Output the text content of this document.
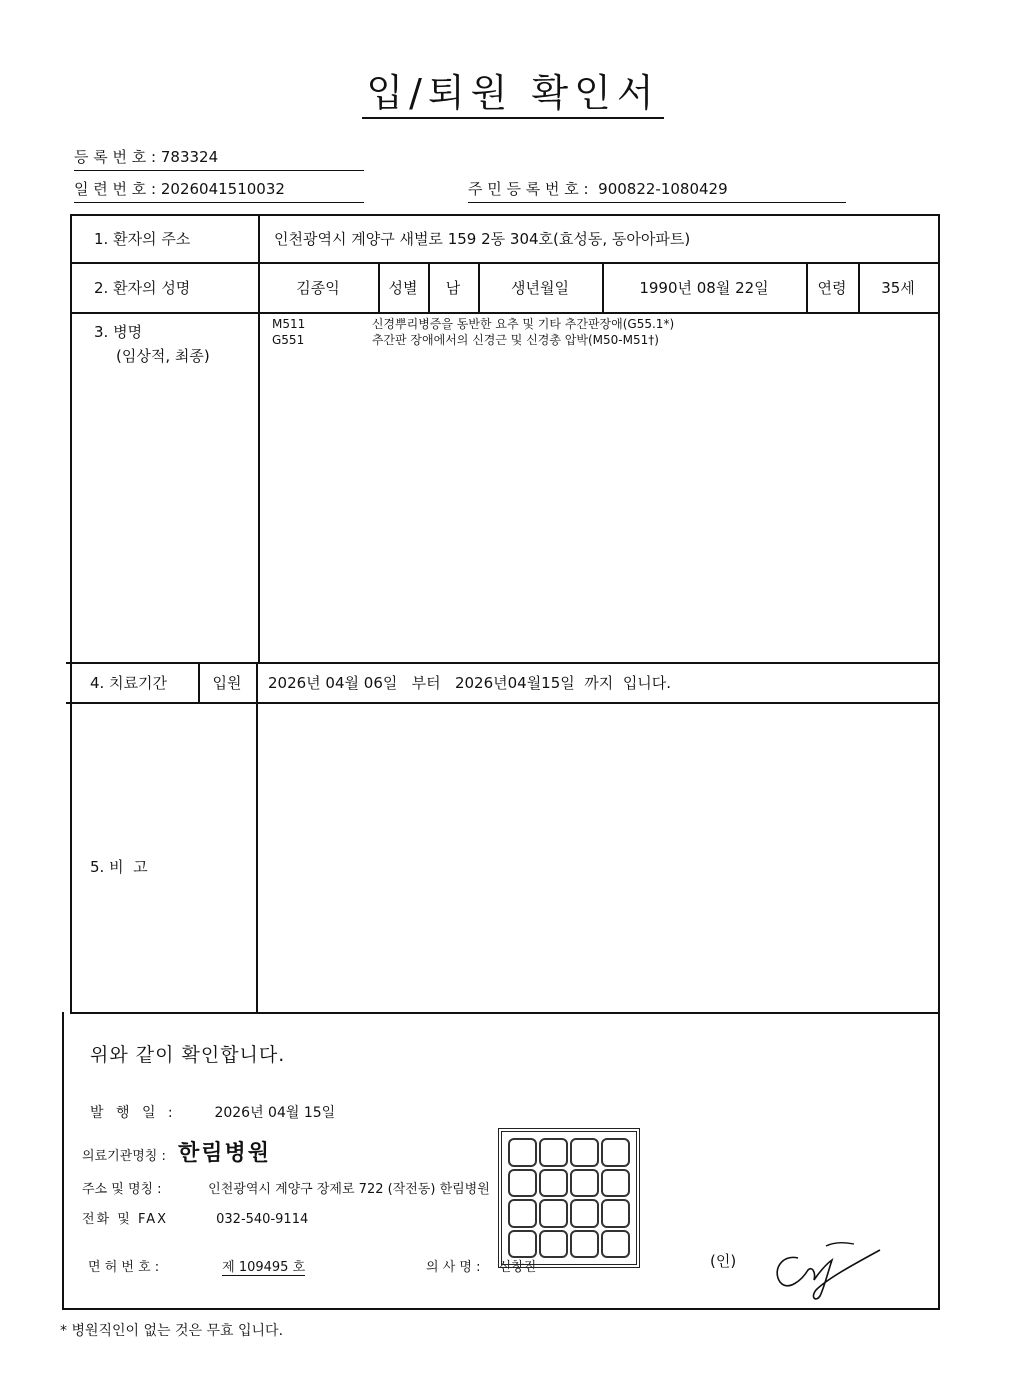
입/퇴원 확인서
등 록 번 호 : 783324
일 련 번 호 : 2026041510032	주 민 등 록 번 호 : 900822-1080429
1. 환자의 주소	인천광역시 계양구 새벌로 159 2동 304호(효성동, 동아아파트)
2. 환자의 성명	김종익	성별 남	생년월일	1990년 08월 22일	연령 35세
3. 병명
(임상적, 최종)
M511	신경뿌리병증을 동반한 요추 및 기타 추간판장애(G55.1*)
G551	추간판 장애에서의 신경근 및 신경총 압박(M50-M51†)
4. 치료기간	입원 2026년 04월 06일   부터   2026년04월15일  까지  입니다.
5. 비  고
위와 같이 확인합니다.
발 행 일 :	2026년 04월 15일
의료기관명칭 : 한림병원
주소 및 명칭 :	인천광역시 계양구 장제로 722 (작전동) 한림병원
전화 및 FAX	032-540-9114
면 허 번 호 :	제 109495 호	의 사 명 : 신창진	(인)
* 병원직인이 없는 것은 무효 입니다.
